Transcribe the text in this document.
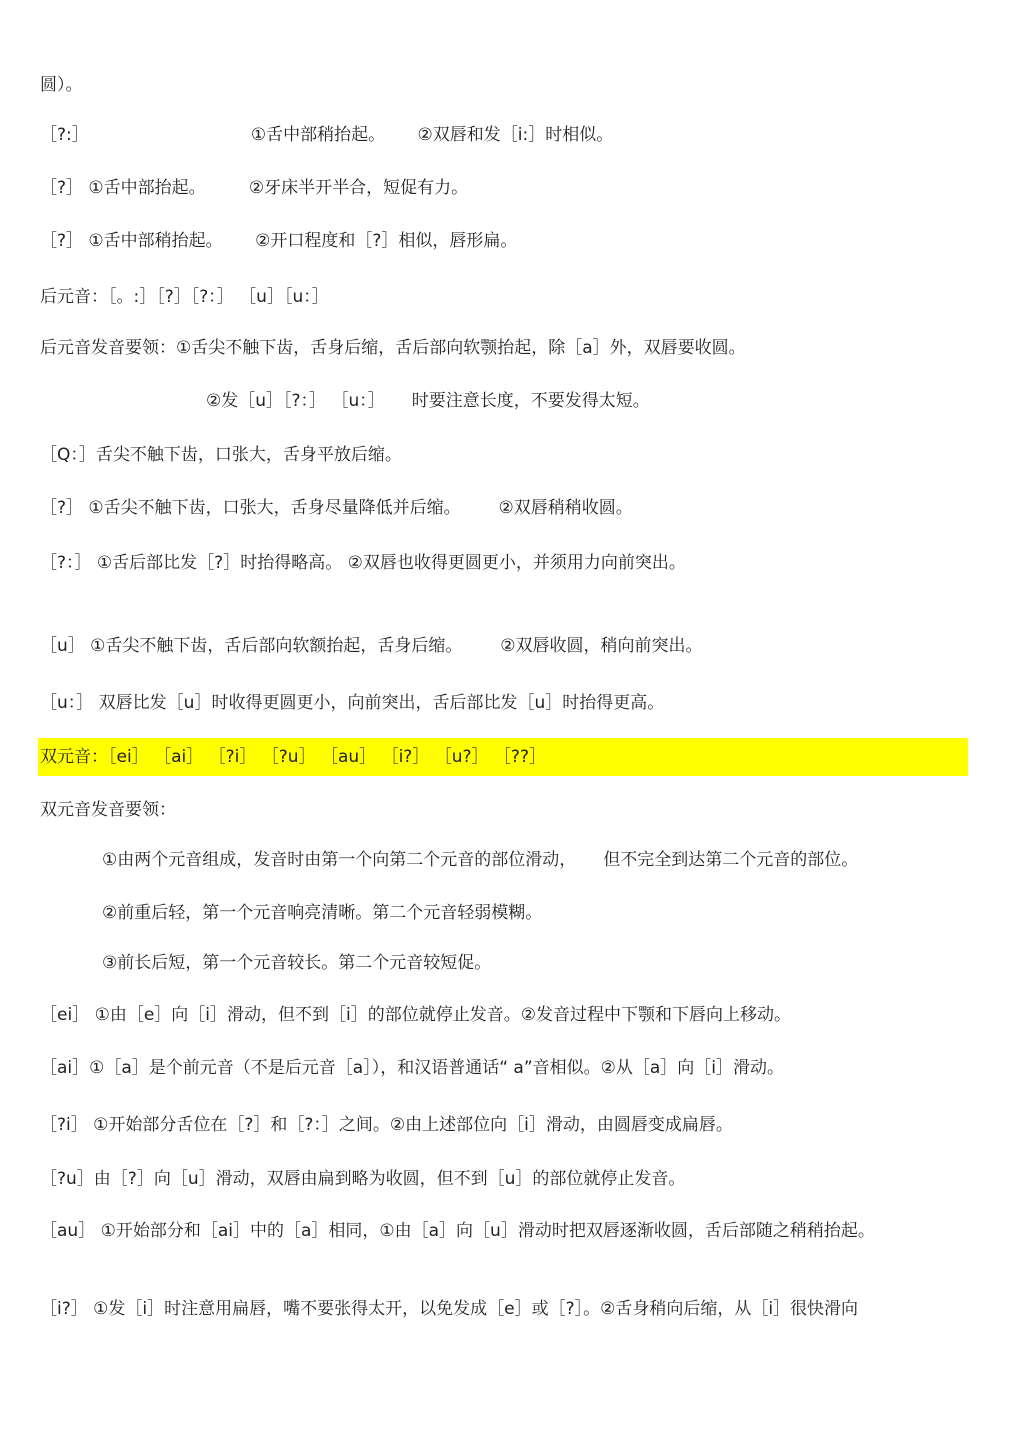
圆）。
［?:］                              ①舌中部稍抬起。      ②双唇和发［i:］时相似。
［?］ ①舌中部抬起。        ②牙床半开半合，短促有力。
［?］ ①舌中部稍抬起。      ②开口程度和［?］相似，唇形扁。
后元音：［。:］［?］［?：］ ［u］［u：］
后元音发音要领：①舌尖不触下齿，舌身后缩，舌后部向软颚抬起，除［a］外，双唇要收圆。
②发［u］［?：］ ［u：］     时要注意长度，不要发得太短。
［Q：］舌尖不触下齿，口张大，舌身平放后缩。
［?］ ①舌尖不触下齿，口张大，舌身尽量降低并后缩。       ②双唇稍稍收圆。
［?：］ ①舌后部比发［?］时抬得略高。 ②双唇也收得更圆更小，并须用力向前突出。
［u］ ①舌尖不触下齿，舌后部向软额抬起，舌身后缩。       ②双唇收圆，稍向前突出。
［u：］ 双唇比发［u］时收得更圆更小，向前突出，舌后部比发［u］时抬得更高。
双元音：［ei］ ［ai］ ［?i］ ［?u］ ［au］ ［i?］ ［u?］ ［??］
双元音发音要领：
①由两个元音组成，发音时由第一个向第二个元音的部位滑动，     但不完全到达第二个元音的部位。
②前重后轻，第一个元音响亮清晰。第二个元音轻弱模糊。
③前长后短，第一个元音较长。第二个元音较短促。
［ei］ ①由［e］向［i］滑动，但不到［i］的部位就停止发音。②发音过程中下颚和下唇向上移动。
［ai］①［a］是个前元音（不是后元音［a］），和汉语普通话“ a”音相似。②从［a］向［i］滑动。
［?i］ ①开始部分舌位在［?］和［?：］之间。②由上述部位向［i］滑动，由圆唇变成扁唇。
［?u］由［?］向［u］滑动，双唇由扁到略为收圆，但不到［u］的部位就停止发音。
［au］ ①开始部分和［ai］中的［a］相同，①由［a］向［u］滑动时把双唇逐渐收圆，舌后部随之稍稍抬起。
［i?］ ①发［i］时注意用扁唇，嘴不要张得太开，以免发成［e］或［?］。②舌身稍向后缩，从［i］很快滑向
